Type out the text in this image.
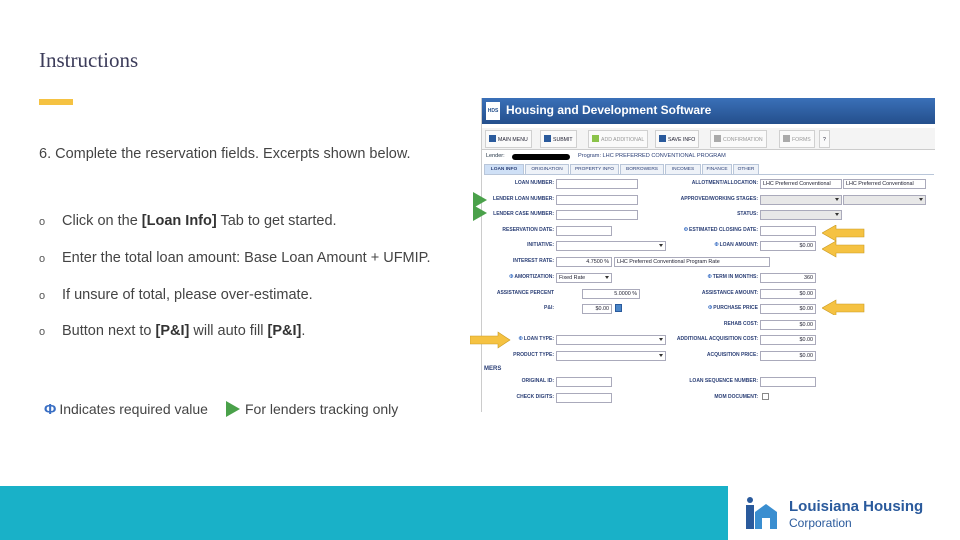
Instructions
6. Complete the reservation fields. Excerpts shown below.
o Click on the [Loan Info] Tab to get started.
o Enter the total loan amount: Base Loan Amount + UFMIP.
o If unsure of total, please over-estimate.
o Button next to [P&I] will auto fill [P&I].
Φ Indicates required value	For lenders tracking only
HDS Housing and Development Software
MAIN MENU	SUBMIT	ADD ADDITIONAL	SAVE INFO	CONFIRMATION	FORMS	?
Lender:	Program: LHC PREFERRED CONVENTIONAL PROGRAM
LOAN INFO	ORIGINATION	PROPERTY INFO	BORROWERS	INCOMES	FINANCE	OTHER
LOAN NUMBER:
LENDER LOAN NUMBER:
LENDER CASE NUMBER:
RESERVATION DATE:
INITIATIVE:
INTEREST RATE:	4.7500 %	LHC Preferred Conventional Program Rate
ΦAMORTIZATION: Fixed Rate
ASSISTANCE PERCENT	5.0000 %
P&I:	$0.00
ΦLOAN TYPE:
PRODUCT TYPE:
ALLOTMENT/ALLOCATION: LHC Preferred Conventional	LHC Preferred Conventional
APPROVED/WORKING STAGES:
STATUS:
ΦESTIMATED CLOSING DATE:
ΦLOAN AMOUNT:	$0.00
ΦTERM IN MONTHS:	360
ASSISTANCE AMOUNT:	$0.00
ΦPURCHASE PRICE	$0.00
REHAB COST:	$0.00
ADDITIONAL ACQUISITION COST:	$0.00
ACQUISITION PRICE:	$0.00
MERS
ORIGINAL ID:
CHECK DIGITS:
LOAN SEQUENCE NUMBER:
MOM DOCUMENT:
Louisiana Housing
Corporation
